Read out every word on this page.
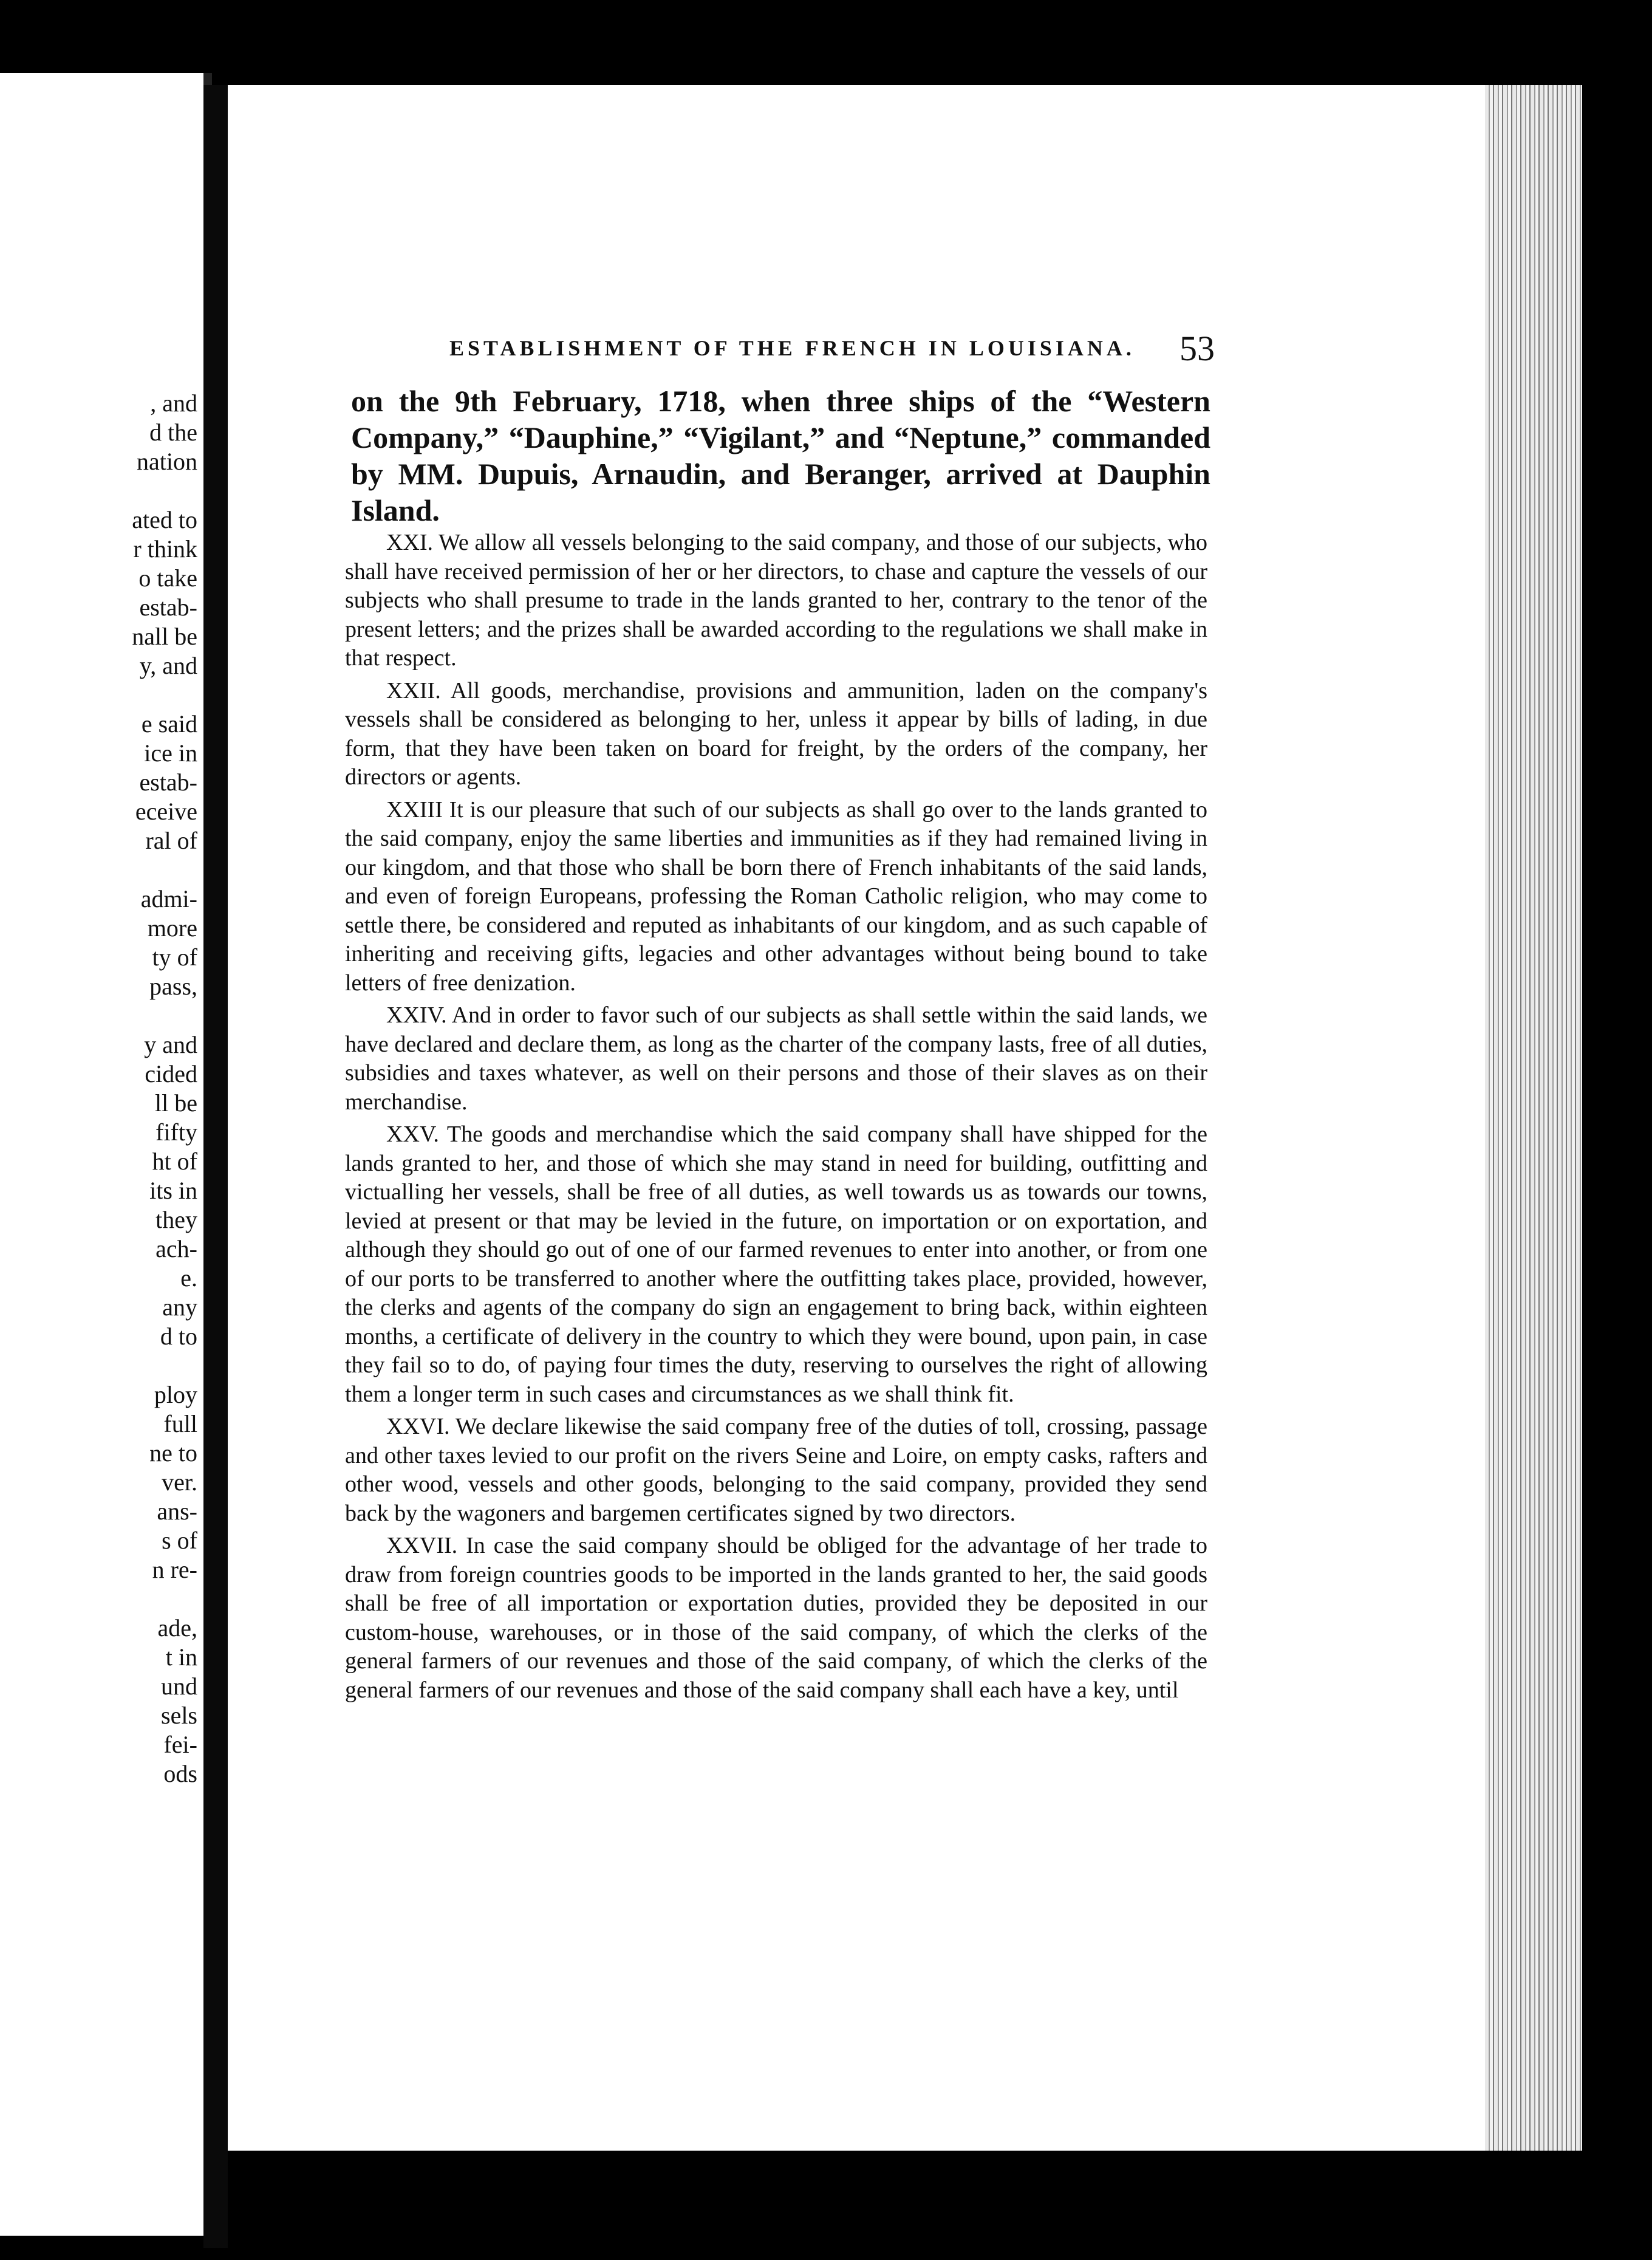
, and
d the
nation
ated to
r think
o take
estab-
nall be
y, and
e said
ice in
estab-
eceive
ral of
admi-
more
ty of
pass,
y and
cided
ll be
fifty
ht of
its in
they
ach-
e.
any
d to
ploy
full
ne to
ver.
ans-
s of
n re-
ade,
t in
und
sels
fei-
ods
ESTABLISHMENT OF THE FRENCH IN LOUISIANA. 53
on the 9th February, 1718, when three ships of the “Western Company,” “Dauphine,” “Vigilant,” and “Neptune,” commanded by MM. Dupuis, Arnaudin, and Beranger, arrived at Dauphin Island.

XXI. We allow all vessels belonging to the said company, and those of our subjects, who shall have received permission of her or her directors, to chase and capture the vessels of our subjects who shall presume to trade in the lands granted to her, contrary to the tenor of the present letters; and the prizes shall be awarded according to the regulations we shall make in that respect.

XXII. All goods, merchandise, provisions and ammunition, laden on the company's vessels shall be considered as belonging to her, unless it appear by bills of lading, in due form, that they have been taken on board for freight, by the orders of the company, her directors or agents.

XXIII It is our pleasure that such of our subjects as shall go over to the lands granted to the said company, enjoy the same liberties and immunities as if they had remained living in our kingdom, and that those who shall be born there of French inhabitants of the said lands, and even of foreign Europeans, professing the Roman Catholic religion, who may come to settle there, be considered and reputed as inhabitants of our kingdom, and as such capable of inheriting and receiving gifts, legacies and other advantages without being bound to take letters of free denization.

XXIV. And in order to favor such of our subjects as shall settle within the said lands, we have declared and declare them, as long as the charter of the company lasts, free of all duties, subsidies and taxes whatever, as well on their persons and those of their slaves as on their merchandise.

XXV. The goods and merchandise which the said company shall have shipped for the lands granted to her, and those of which she may stand in need for building, outfitting and victualling her vessels, shall be free of all duties, as well towards us as towards our towns, levied at present or that may be levied in the future, on importation or on exportation, and although they should go out of one of our farmed revenues to enter into another, or from one of our ports to be transferred to another where the outfitting takes place, provided, however, the clerks and agents of the company do sign an engagement to bring back, within eighteen months, a certificate of delivery in the country to which they were bound, upon pain, in case they fail so to do, of paying four times the duty, reserving to ourselves the right of allowing them a longer term in such cases and circumstances as we shall think fit.

XXVI. We declare likewise the said company free of the duties of toll, crossing, passage and other taxes levied to our profit on the rivers Seine and Loire, on empty casks, rafters and other wood, vessels and other goods, belonging to the said company, provided they send back by the wagoners and bargemen certificates signed by two directors.

XXVII. In case the said company should be obliged for the advantage of her trade to draw from foreign countries goods to be imported in the lands granted to her, the said goods shall be free of all importation or exportation duties, provided they be deposited in our custom-house, warehouses, or in those of the said company, of which the clerks of the general farmers of our revenues and those of the said company, of which the clerks of the general farmers of our revenues and those of the said company shall each have a key, until
